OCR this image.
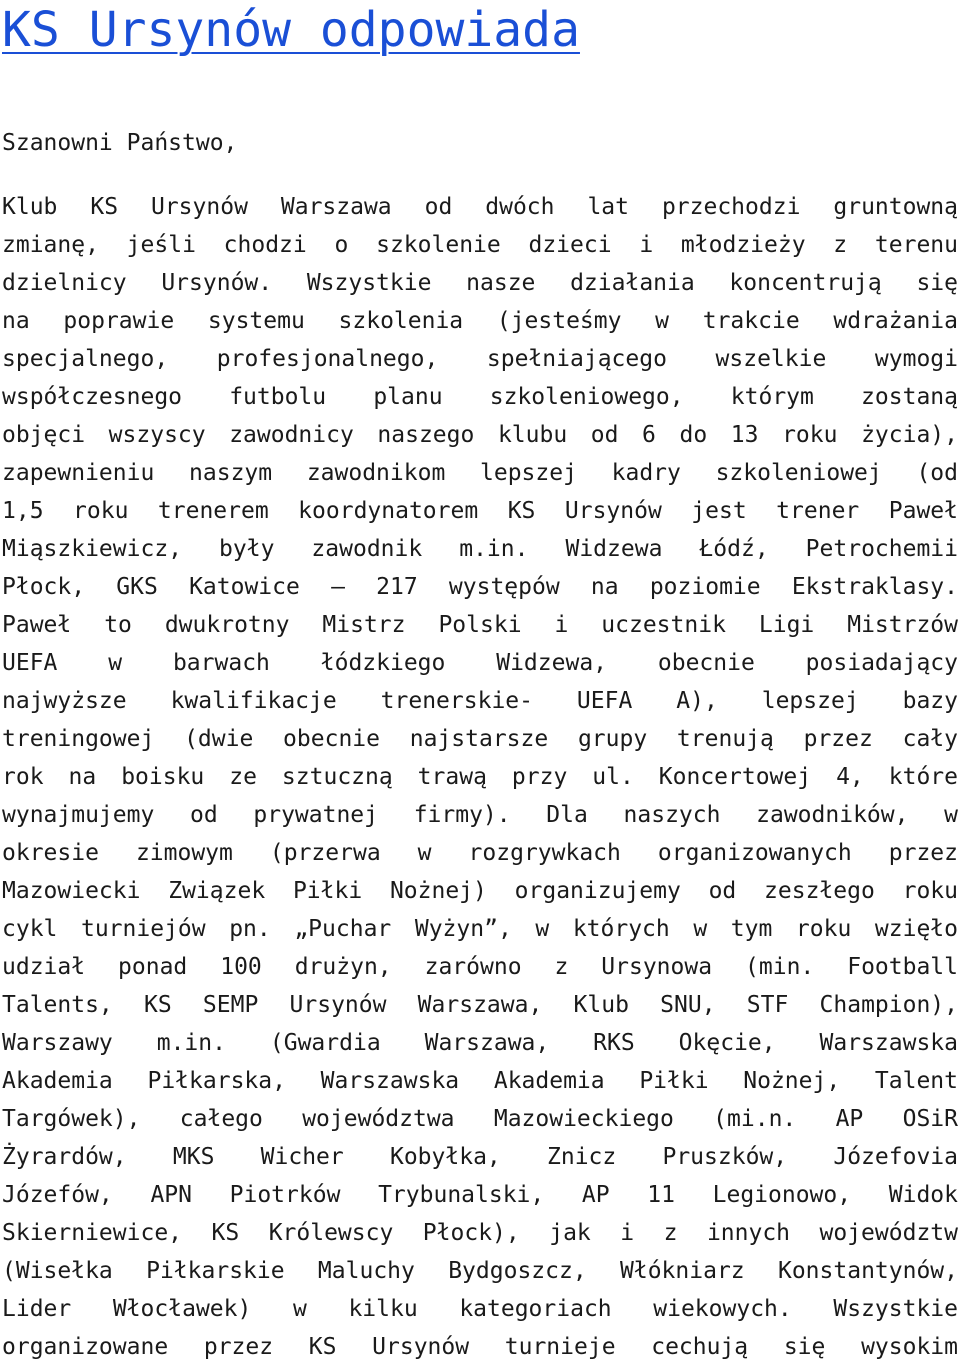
KS Ursynów odpowiada

Szanowni Państwo,

Klub KS Ursynów Warszawa od dwóch lat przechodzi gruntowną
zmianę, jeśli chodzi o szkolenie dzieci i młodzieży z terenu
dzielnicy Ursynów. Wszystkie nasze działania koncentrują się
na poprawie systemu szkolenia (jesteśmy w trakcie wdrażania
specjalnego, profesjonalnego, spełniającego wszelkie wymogi
współczesnego futbolu planu szkoleniowego, którym zostaną
objęci wszyscy zawodnicy naszego klubu od 6 do 13 roku życia),
zapewnieniu naszym zawodnikom lepszej kadry szkoleniowej (od
1,5 roku trenerem koordynatorem KS Ursynów jest trener Paweł
Miąszkiewicz, były zawodnik m.in. Widzewa Łódź, Petrochemii
Płock, GKS Katowice – 217 występów na poziomie Ekstraklasy.
Paweł to dwukrotny Mistrz Polski i uczestnik Ligi Mistrzów
UEFA w barwach łódzkiego Widzewa, obecnie posiadający
najwyższe kwalifikacje trenerskie- UEFA A), lepszej bazy
treningowej (dwie obecnie najstarsze grupy trenują przez cały
rok na boisku ze sztuczną trawą przy ul. Koncertowej 4, które
wynajmujemy od prywatnej firmy). Dla naszych zawodników, w
okresie zimowym (przerwa w rozgrywkach organizowanych przez
Mazowiecki Związek Piłki Nożnej) organizujemy od zeszłego roku
cykl turniejów pn. „Puchar Wyżyn”, w których w tym roku wzięło
udział ponad 100 drużyn, zarówno z Ursynowa (min. Football
Talents, KS SEMP Ursynów Warszawa, Klub SNU, STF Champion),
Warszawy m.in. (Gwardia Warszawa, RKS Okęcie, Warszawska
Akademia Piłkarska, Warszawska Akademia Piłki Nożnej, Talent
Targówek), całego województwa Mazowieckiego (mi.n. AP OSiR
Żyrardów, MKS Wicher Kobyłka, Znicz Pruszków, Józefovia
Józefów, APN Piotrków Trybunalski, AP 11 Legionowo, Widok
Skierniewice, KS Królewscy Płock), jak i z innych województw
(Wisełka Piłkarskie Maluchy Bydgoszcz, Włókniarz Konstantynów,
Lider Włocławek) w kilku kategoriach wiekowych. Wszystkie
organizowane przez KS Ursynów turnieje cechują się wysokim
